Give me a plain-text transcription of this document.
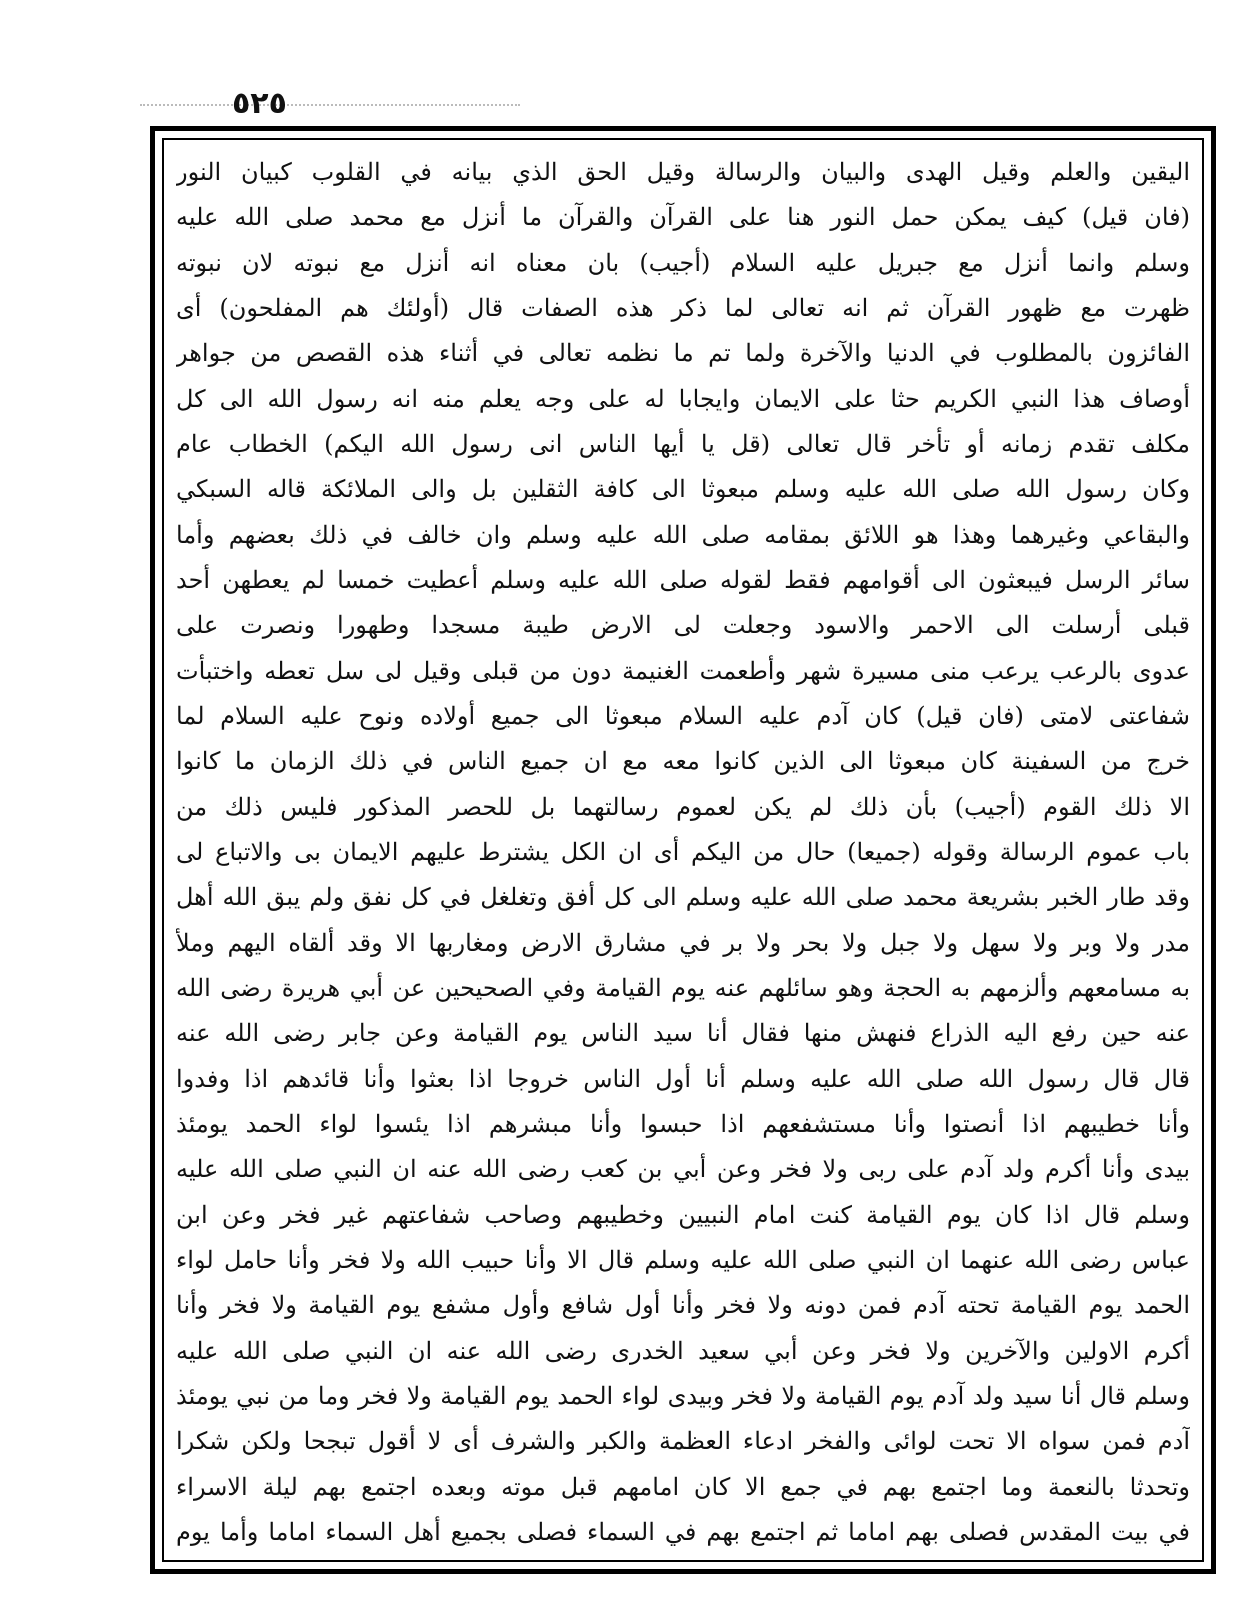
٥٢٥
اليقين والعلم وقيل الهدى والبيان والرسالة وقيل الحق الذي بيانه في القلوب كبيان النور
(فان قيل) كيف يمكن حمل النور هنا على القرآن والقرآن ما أنزل مع محمد صلى الله عليه
وسلم وانما أنزل مع جبريل عليه السلام (أجيب) بان معناه انه أنزل مع نبوته لان نبوته
ظهرت مع ظهور القرآن ثم انه تعالى لما ذكر هذه الصفات قال (أولئك هم المفلحون) أى
الفائزون بالمطلوب في الدنيا والآخرة ولما تم ما نظمه تعالى في أثناء هذه القصص من جواهر
أوصاف هذا النبي الكريم حثا على الايمان وايجابا له على وجه يعلم منه انه رسول الله الى كل
مكلف تقدم زمانه أو تأخر قال تعالى (قل يا أيها الناس انى رسول الله اليكم) الخطاب عام
وكان رسول الله صلى الله عليه وسلم مبعوثا الى كافة الثقلين بل والى الملائكة قاله السبكي
والبقاعي وغيرهما وهذا هو اللائق بمقامه صلى الله عليه وسلم وان خالف في ذلك بعضهم وأما
سائر الرسل فيبعثون الى أقوامهم فقط لقوله صلى الله عليه وسلم أعطيت خمسا لم يعطهن أحد
قبلى أرسلت الى الاحمر والاسود وجعلت لى الارض طيبة مسجدا وطهورا ونصرت على
عدوى بالرعب يرعب منى مسيرة شهر وأطعمت الغنيمة دون من قبلى وقيل لى سل تعطه واختبأت
شفاعتى لامتى (فان قيل) كان آدم عليه السلام مبعوثا الى جميع أولاده ونوح عليه السلام لما
خرج من السفينة كان مبعوثا الى الذين كانوا معه مع ان جميع الناس في ذلك الزمان ما كانوا
الا ذلك القوم (أجيب) بأن ذلك لم يكن لعموم رسالتهما بل للحصر المذكور فليس ذلك من
باب عموم الرسالة وقوله (جميعا) حال من اليكم أى ان الكل يشترط عليهم الايمان بى والاتباع لى
وقد طار الخبر بشريعة محمد صلى الله عليه وسلم الى كل أفق وتغلغل في كل نفق ولم يبق الله أهل
مدر ولا وبر ولا سهل ولا جبل ولا بحر ولا بر في مشارق الارض ومغاربها الا وقد ألقاه اليهم وملأ
به مسامعهم وألزمهم به الحجة وهو سائلهم عنه يوم القيامة وفي الصحيحين عن أبي هريرة رضى الله
عنه حين رفع اليه الذراع فنهش منها فقال أنا سيد الناس يوم القيامة وعن جابر رضى الله عنه
قال قال رسول الله صلى الله عليه وسلم أنا أول الناس خروجا اذا بعثوا وأنا قائدهم اذا وفدوا
وأنا خطيبهم اذا أنصتوا وأنا مستشفعهم اذا حبسوا وأنا مبشرهم اذا يئسوا لواء الحمد يومئذ
بيدى وأنا أكرم ولد آدم على ربى ولا فخر وعن أبي بن كعب رضى الله عنه ان النبي صلى الله عليه
وسلم قال اذا كان يوم القيامة كنت امام النبيين وخطيبهم وصاحب شفاعتهم غير فخر وعن ابن
عباس رضى الله عنهما ان النبي صلى الله عليه وسلم قال الا وأنا حبيب الله ولا فخر وأنا حامل لواء
الحمد يوم القيامة تحته آدم فمن دونه ولا فخر وأنا أول شافع وأول مشفع يوم القيامة ولا فخر وأنا
أكرم الاولين والآخرين ولا فخر وعن أبي سعيد الخدرى رضى الله عنه ان النبي صلى الله عليه
وسلم قال أنا سيد ولد آدم يوم القيامة ولا فخر وبيدى لواء الحمد يوم القيامة ولا فخر وما من نبي يومئذ
آدم فمن سواه الا تحت لوائى والفخر ادعاء العظمة والكبر والشرف أى لا أقول تبجحا ولكن شكرا
وتحدثا بالنعمة وما اجتمع بهم في جمع الا كان امامهم قبل موته وبعده اجتمع بهم ليلة الاسراء
في بيت المقدس فصلى بهم اماما ثم اجتمع بهم في السماء فصلى بجميع أهل السماء اماما وأما يوم
